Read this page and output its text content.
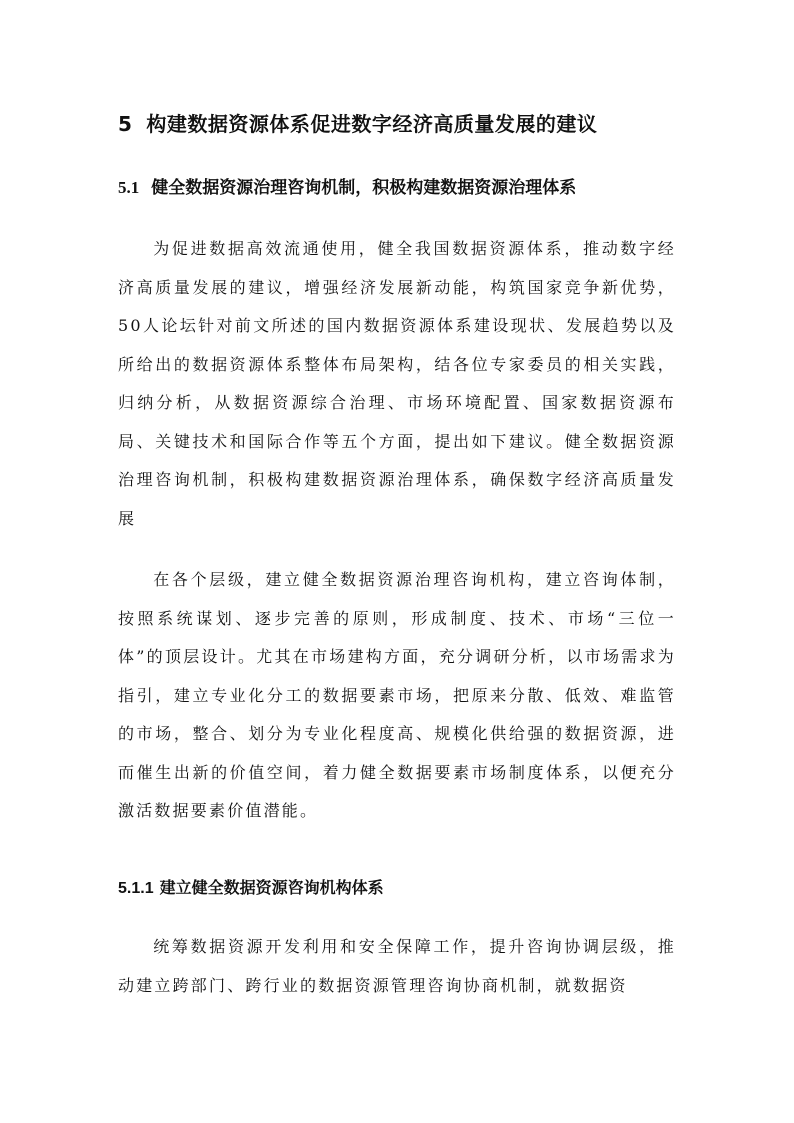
5 构建数据资源体系促进数字经济高质量发展的建议
5.1 健全数据资源治理咨询机制，积极构建数据资源治理体系

为促进数据高效流通使用，健全我国数据资源体系，推动数字经济高质量发展的建议，增强经济发展新动能，构筑国家竞争新优势，50人论坛针对前文所述的国内数据资源体系建设现状、发展趋势以及所给出的数据资源体系整体布局架构，结各位专家委员的相关实践，归纳分析，从数据资源综合治理、市场环境配置、国家数据资源布局、关键技术和国际合作等五个方面，提出如下建议。健全数据资源治理咨询机制，积极构建数据资源治理体系，确保数字经济高质量发展

在各个层级，建立健全数据资源治理咨询机构，建立咨询体制，按照系统谋划、逐步完善的原则，形成制度、技术、市场“三位一体”的顶层设计。尤其在市场建构方面，充分调研分析，以市场需求为指引，建立专业化分工的数据要素市场，把原来分散、低效、难监管的市场，整合、划分为专业化程度高、规模化供给强的数据资源，进而催生出新的价值空间，着力健全数据要素市场制度体系，以便充分激活数据要素价值潜能。

5.1.1 建立健全数据资源咨询机构体系

统筹数据资源开发利用和安全保障工作，提升咨询协调层级，推动建立跨部门、跨行业的数据资源管理咨询协商机制，就数据资
